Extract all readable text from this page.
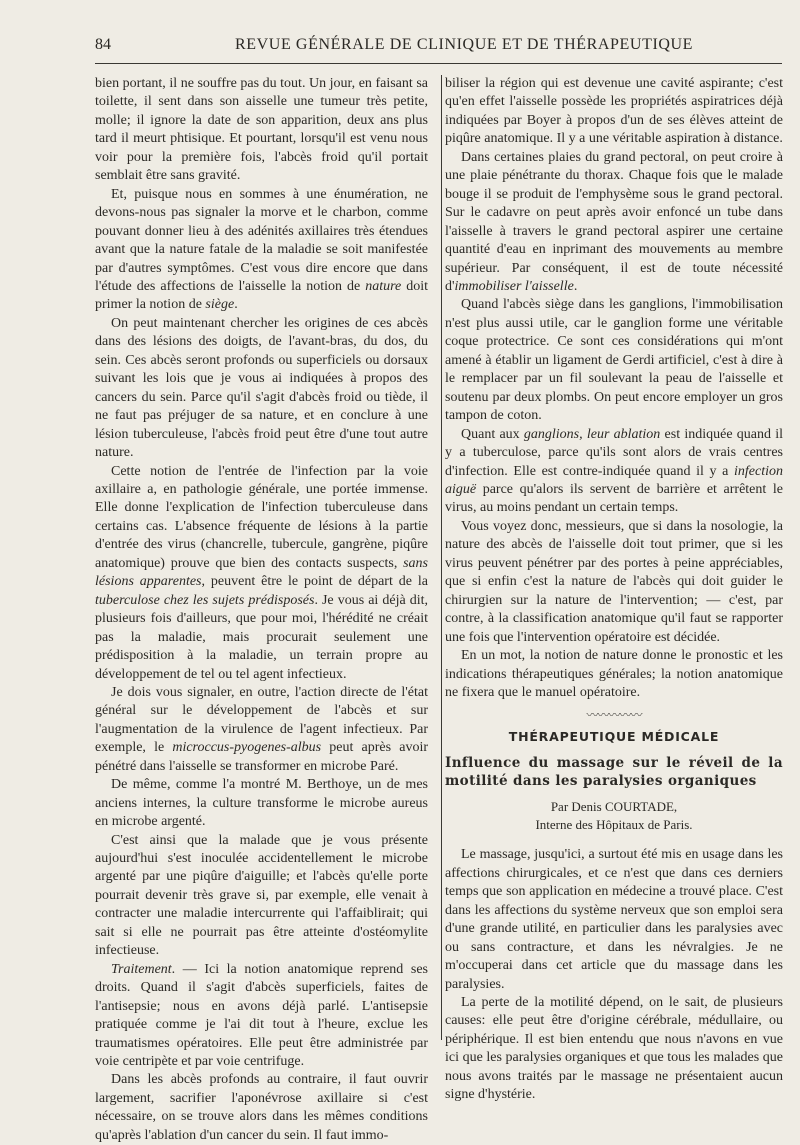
84	REVUE GÉNÉRALE DE CLINIQUE ET DE THÉRAPEUTIQUE

bien portant, il ne souffre pas du tout. Un jour, en faisant sa toilette, il sent dans son aisselle une tumeur très petite, molle; il ignore la date de son apparition, deux ans plus tard il meurt phtisique. Et pourtant, lorsqu'il est venu nous voir pour la première fois, l'abcès froid qu'il portait semblait être sans gravité.

Et, puisque nous en sommes à une énumération, ne devons-nous pas signaler la morve et le charbon, comme pouvant donner lieu à des adénités axillaires très étendues avant que la nature fatale de la maladie se soit manifestée par d'autres symptômes. C'est vous dire encore que dans l'étude des affections de l'aisselle la notion de nature doit primer la notion de siège.

On peut maintenant chercher les origines de ces abcès dans des lésions des doigts, de l'avant-bras, du dos, du sein. Ces abcès seront profonds ou superficiels ou dorsaux suivant les lois que je vous ai indiquées à propos des cancers du sein. Parce qu'il s'agit d'abcès froid ou tiède, il ne faut pas préjuger de sa nature, et en conclure à une lésion tuberculeuse, l'abcès froid peut être d'une tout autre nature.

Cette notion de l'entrée de l'infection par la voie axillaire a, en pathologie générale, une portée immense. Elle donne l'explication de l'infection tuberculeuse dans certains cas. L'absence fréquente de lésions à la partie d'entrée des virus (chancrelle, tubercule, gangrène, piqûre anatomique) prouve que bien des contacts suspects, sans lésions apparentes, peuvent être le point de départ de la tuberculose chez les sujets prédisposés. Je vous ai déjà dit, plusieurs fois d'ailleurs, que pour moi, l'hérédité ne créait pas la maladie, mais procurait seulement une prédisposition à la maladie, un terrain propre au développement de tel ou tel agent infectieux.

Je dois vous signaler, en outre, l'action directe de l'état général sur le développement de l'abcès et sur l'augmentation de la virulence de l'agent infectieux. Par exemple, le microccus-pyogenes-albus peut après avoir pénétré dans l'aisselle se transformer en microbe Paré.

De même, comme l'a montré M. Berthoye, un de mes anciens internes, la culture transforme le microbe aureus en microbe argenté.

C'est ainsi que la malade que je vous présente aujourd'hui s'est inoculée accidentellement le microbe argenté par une piqûre d'aiguille; et l'abcès qu'elle porte pourrait devenir très grave si, par exemple, elle venait à contracter une maladie intercurrente qui l'affaiblirait; qui sait si elle ne pourrait pas être atteinte d'ostéomylite infectieuse.

Traitement. — Ici la notion anatomique reprend ses droits. Quand il s'agit d'abcès superficiels, faites de l'antisepsie; nous en avons déjà parlé. L'antisepsie pratiquée comme je l'ai dit tout à l'heure, exclue les traumatismes opératoires. Elle peut être administrée par voie centripète et par voie centrifuge.

Dans les abcès profonds au contraire, il faut ouvrir largement, sacrifier l'aponévrose axillaire si c'est nécessaire, on se trouve alors dans les mêmes conditions qu'après l'ablation d'un cancer du sein. Il faut immo-

biliser la région qui est devenue une cavité aspirante; c'est qu'en effet l'aisselle possède les propriétés aspiratrices déjà indiquées par Boyer à propos d'un de ses élèves atteint de piqûre anatomique. Il y a une véritable aspiration à distance.

Dans certaines plaies du grand pectoral, on peut croire à une plaie pénétrante du thorax. Chaque fois que le malade bouge il se produit de l'emphysème sous le grand pectoral. Sur le cadavre on peut après avoir enfoncé un tube dans l'aisselle à travers le grand pectoral aspirer une certaine quantité d'eau en inprimant des mouvements au membre supérieur. Par conséquent, il est de toute nécessité d'immobiliser l'aisselle.

Quand l'abcès siège dans les ganglions, l'immobilisation n'est plus aussi utile, car le ganglion forme une véritable coque protectrice. Ce sont ces considérations qui m'ont amené à établir un ligament de Gerdi artificiel, c'est à dire à le remplacer par un fil soulevant la peau de l'aisselle et soutenu par deux plombs. On peut encore employer un gros tampon de coton.

Quant aux ganglions, leur ablation est indiquée quand il y a tuberculose, parce qu'ils sont alors de vrais centres d'infection. Elle est contre-indiquée quand il y a infection aiguë parce qu'alors ils servent de barrière et arrêtent le virus, au moins pendant un certain temps.

Vous voyez donc, messieurs, que si dans la nosologie, la nature des abcès de l'aisselle doit tout primer, que si les virus peuvent pénétrer par des portes à peine appréciables, que si enfin c'est la nature de l'abcès qui doit guider le chirurgien sur la nature de l'intervention; — c'est, par contre, à la classification anatomique qu'il faut se rapporter une fois que l'intervention opératoire est décidée.

En un mot, la notion de nature donne le pronostic et les indications thérapeutiques générales; la notion anatomique ne fixera que le manuel opératoire.

〰〰〰〰〰
THÉRAPEUTIQUE MÉDICALE
Influence du massage sur le réveil de la motilité dans les paralysies organiques
Par Denis COURTADE,
Interne des Hôpitaux de Paris.

Le massage, jusqu'ici, a surtout été mis en usage dans les affections chirurgicales, et ce n'est que dans ces derniers temps que son application en médecine a trouvé place. C'est dans les affections du système nerveux que son emploi sera d'une grande utilité, en particulier dans les paralysies avec ou sans contracture, et dans les névralgies. Je ne m'occuperai dans cet article que du massage dans les paralysies.

La perte de la motilité dépend, on le sait, de plusieurs causes: elle peut être d'origine cérébrale, médullaire, ou périphérique. Il est bien entendu que nous n'avons en vue ici que les paralysies organiques et que tous les malades que nous avons traités par le massage ne présentaient aucun signe d'hystérie.
